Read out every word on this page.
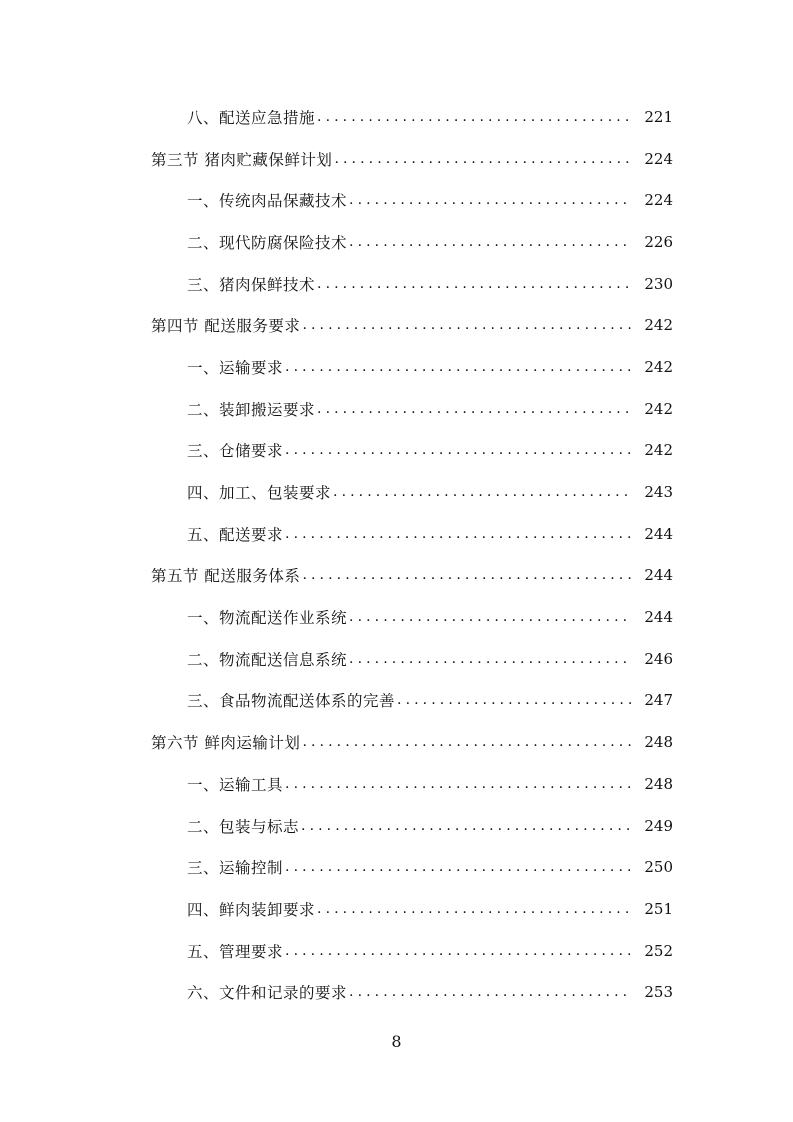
八、配送应急措施 .....	221
第三节 猪肉贮藏保鲜计划 .....	224
一、传统肉品保藏技术 .....	224
二、现代防腐保险技术 .....	226
三、猪肉保鲜技术 .....	230
第四节 配送服务要求 .....	242
一、运输要求 .....	242
二、装卸搬运要求 .....	242
三、仓储要求 .....	242
四、加工、包装要求 .....	243
五、配送要求 .....	244
第五节 配送服务体系 .....	244
一、物流配送作业系统 .....	244
二、物流配送信息系统 .....	246
三、食品物流配送体系的完善 .....	247
第六节 鲜肉运输计划 .....	248
一、运输工具 .....	248
二、包装与标志 .....	249
三、运输控制 .....	250
四、鲜肉装卸要求 .....	251
五、管理要求 .....	252
六、文件和记录的要求 .....	253
8
